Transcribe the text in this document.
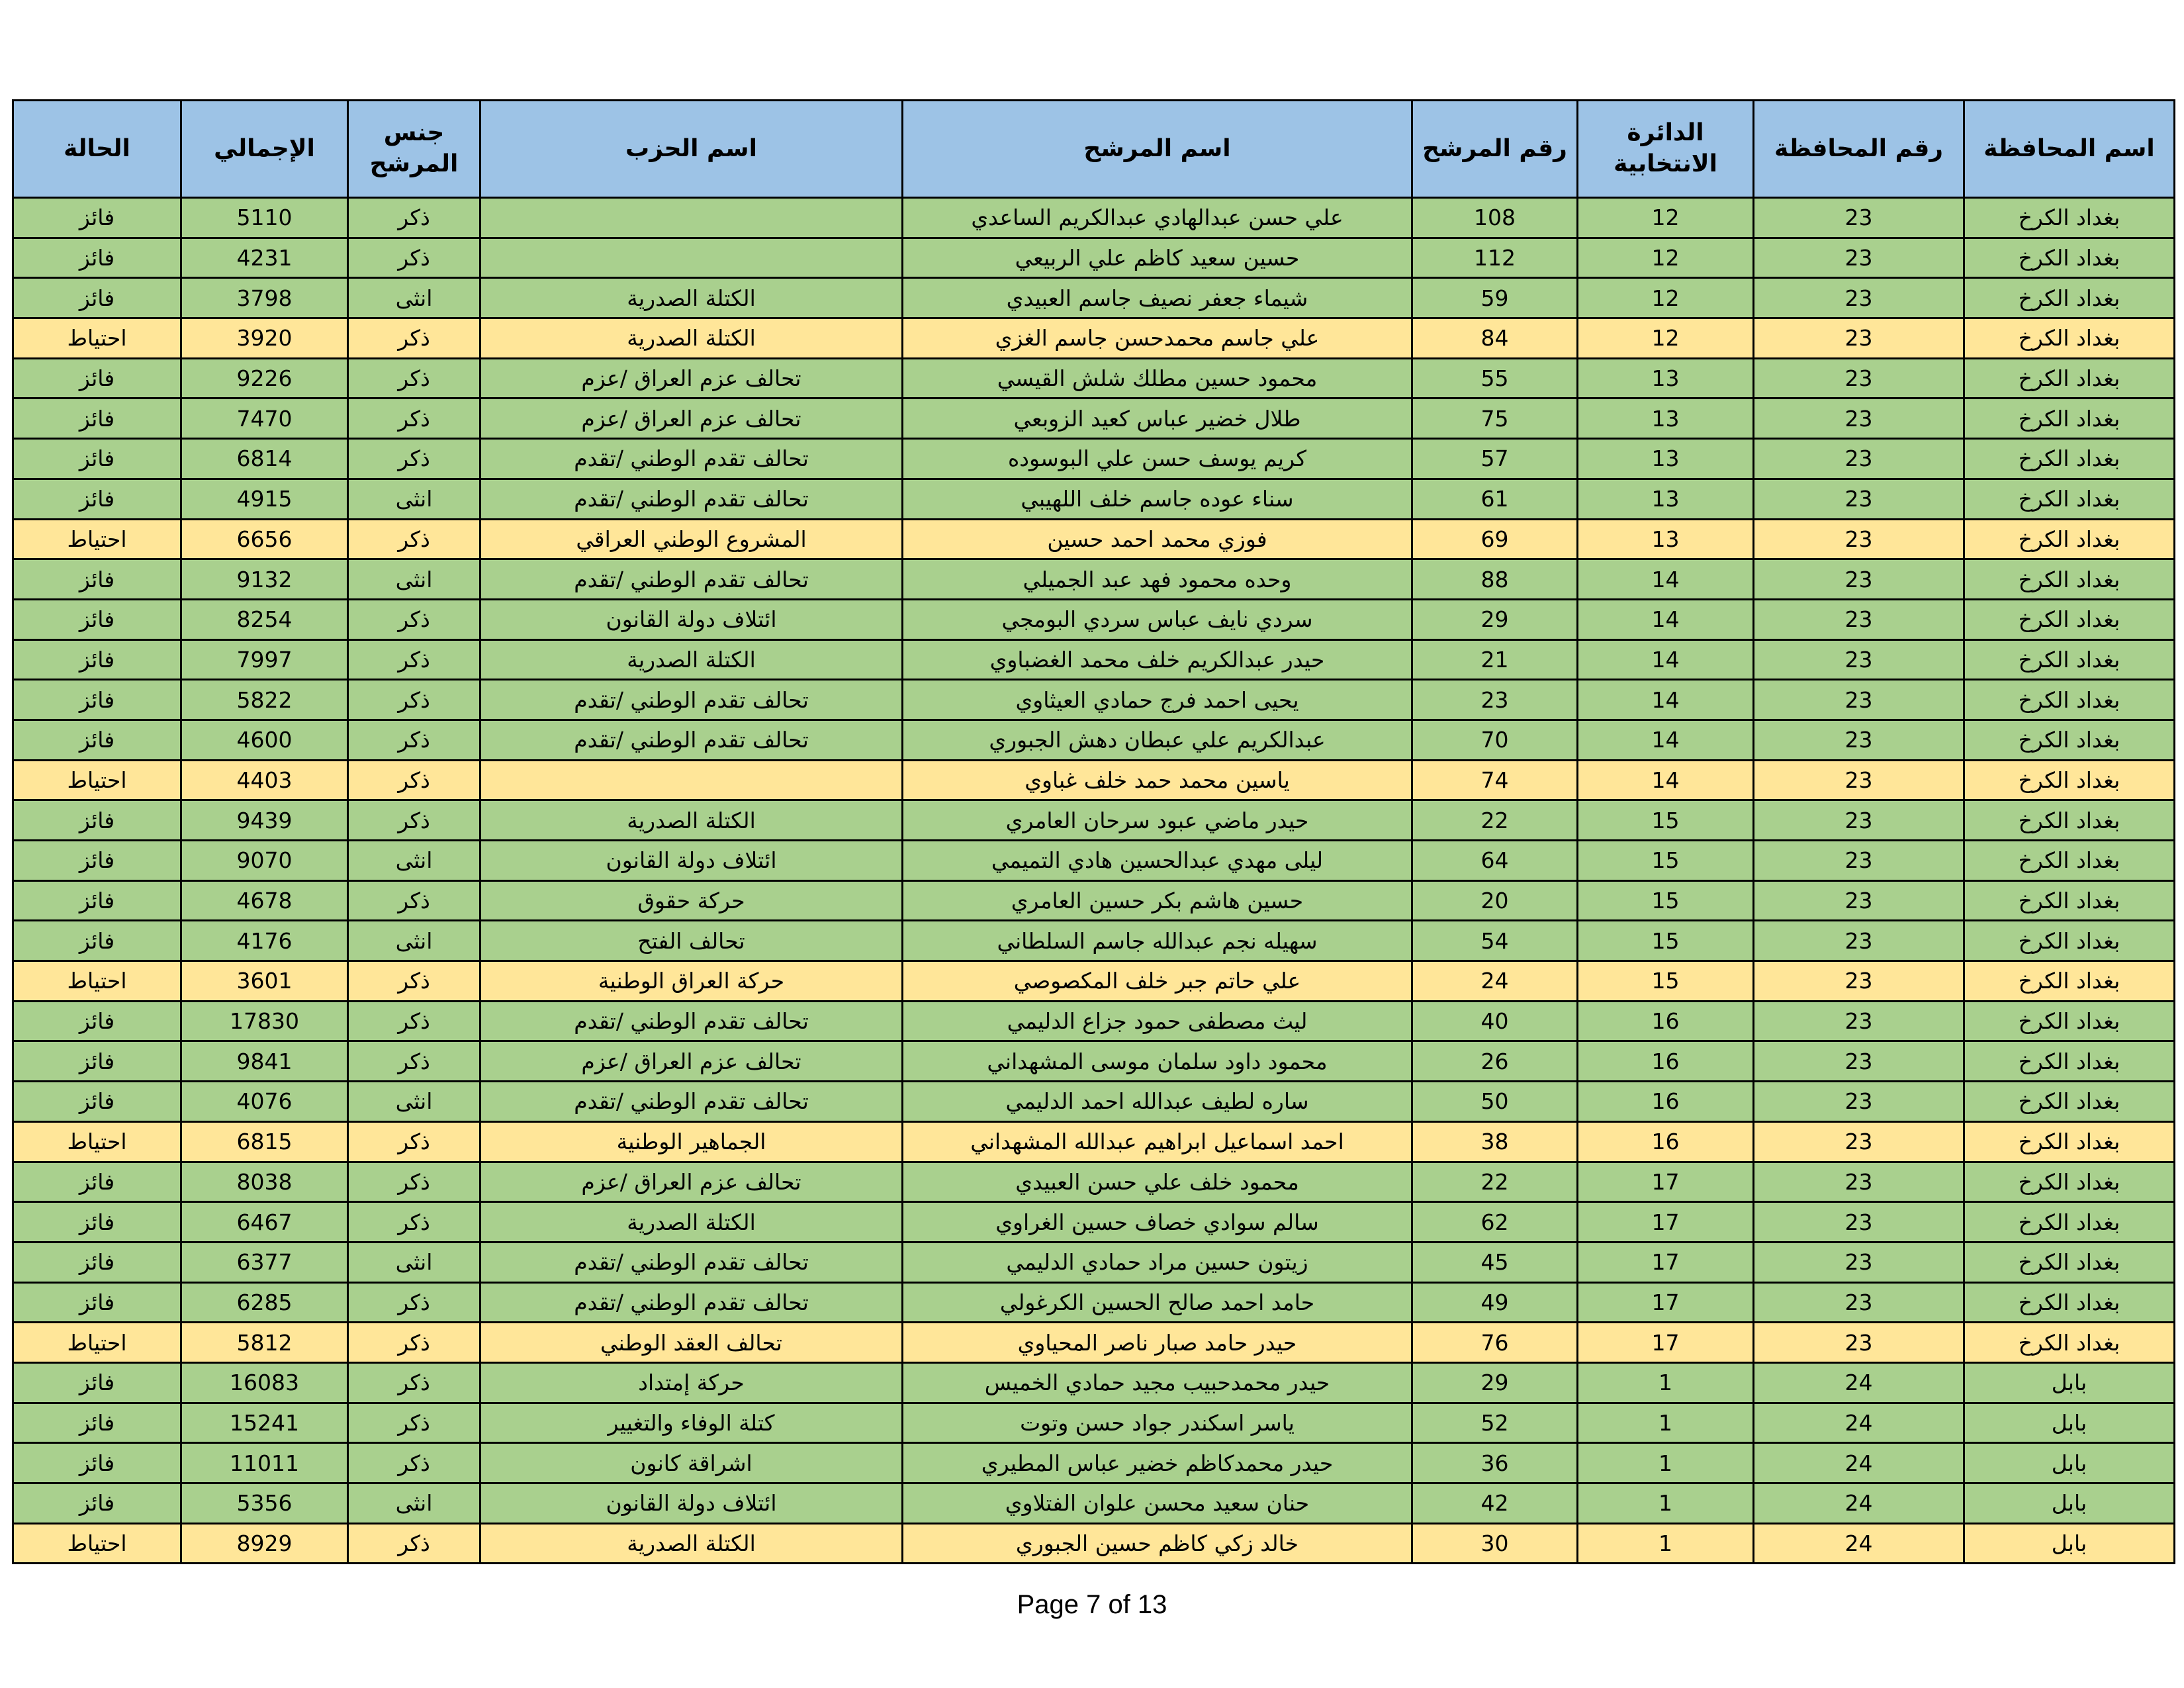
اسم المحافظة	رقم المحافظة	الدائرة الانتخابية	رقم المرشح	اسم المرشح	اسم الحزب	جنس المرشح	الإجمالي	الحالة
بغداد الكرخ	23	12	108	علي حسن عبدالهادي عبدالكريم الساعدي		ذكر	5110	فائز
بغداد الكرخ	23	12	112	حسين سعيد كاظم علي الربيعي		ذكر	4231	فائز
بغداد الكرخ	23	12	59	شيماء جعفر نصيف جاسم العبيدي	الكتلة الصدرية	انثى	3798	فائز
بغداد الكرخ	23	12	84	علي جاسم محمدحسن جاسم الغزي	الكتلة الصدرية	ذكر	3920	احتياط
بغداد الكرخ	23	13	55	محمود حسين مطلك شلش القيسي	تحالف عزم العراق /عزم	ذكر	9226	فائز
بغداد الكرخ	23	13	75	طلال خضير عباس كعيد الزوبعي	تحالف عزم العراق /عزم	ذكر	7470	فائز
بغداد الكرخ	23	13	57	كريم يوسف حسن علي البوسوده	تحالف تقدم الوطني /تقدم	ذكر	6814	فائز
بغداد الكرخ	23	13	61	سناء عوده جاسم خلف اللهيبي	تحالف تقدم الوطني /تقدم	انثى	4915	فائز
بغداد الكرخ	23	13	69	فوزي محمد احمد حسين	المشروع الوطني العراقي	ذكر	6656	احتياط
بغداد الكرخ	23	14	88	وحده محمود فهد عبد الجميلي	تحالف تقدم الوطني /تقدم	انثى	9132	فائز
بغداد الكرخ	23	14	29	سردي نايف عباس سردي البومجي	ائتلاف دولة القانون	ذكر	8254	فائز
بغداد الكرخ	23	14	21	حيدر عبدالكريم خلف محمد الغضباوي	الكتلة الصدرية	ذكر	7997	فائز
بغداد الكرخ	23	14	23	يحيى احمد فرج حمادي العيثاوي	تحالف تقدم الوطني /تقدم	ذكر	5822	فائز
بغداد الكرخ	23	14	70	عبدالكريم علي عبطان دهش الجبوري	تحالف تقدم الوطني /تقدم	ذكر	4600	فائز
بغداد الكرخ	23	14	74	ياسين محمد حمد خلف غباوي		ذكر	4403	احتياط
بغداد الكرخ	23	15	22	حيدر ماضي عبود سرحان العامري	الكتلة الصدرية	ذكر	9439	فائز
بغداد الكرخ	23	15	64	ليلى مهدي عبدالحسين هادي التميمي	ائتلاف دولة القانون	انثى	9070	فائز
بغداد الكرخ	23	15	20	حسين هاشم بكر حسين العامري	حركة حقوق	ذكر	4678	فائز
بغداد الكرخ	23	15	54	سهيله نجم عبدالله جاسم السلطاني	تحالف الفتح	انثى	4176	فائز
بغداد الكرخ	23	15	24	علي حاتم جبر خلف المكصوصي	حركة العراق الوطنية	ذكر	3601	احتياط
بغداد الكرخ	23	16	40	ليث مصطفى حمود جزاع الدليمي	تحالف تقدم الوطني /تقدم	ذكر	17830	فائز
بغداد الكرخ	23	16	26	محمود داود سلمان موسى المشهداني	تحالف عزم العراق /عزم	ذكر	9841	فائز
بغداد الكرخ	23	16	50	ساره لطيف عبدالله احمد الدليمي	تحالف تقدم الوطني /تقدم	انثى	4076	فائز
بغداد الكرخ	23	16	38	احمد اسماعيل ابراهيم عبدالله المشهداني	الجماهير الوطنية	ذكر	6815	احتياط
بغداد الكرخ	23	17	22	محمود خلف علي حسن العبيدي	تحالف عزم العراق /عزم	ذكر	8038	فائز
بغداد الكرخ	23	17	62	سالم سوادي خصاف حسين الغراوي	الكتلة الصدرية	ذكر	6467	فائز
بغداد الكرخ	23	17	45	زيتون حسين مراد حمادي الدليمي	تحالف تقدم الوطني /تقدم	انثى	6377	فائز
بغداد الكرخ	23	17	49	حامد احمد صالح الحسين الكرغولي	تحالف تقدم الوطني /تقدم	ذكر	6285	فائز
بغداد الكرخ	23	17	76	حيدر حامد صبار ناصر المحياوي	تحالف العقد الوطني	ذكر	5812	احتياط
بابل	24	1	29	حيدر محمدحبيب مجيد حمادي الخميس	حركة إمتداد	ذكر	16083	فائز
بابل	24	1	52	ياسر اسكندر جواد حسن وتوت	كتلة الوفاء والتغيير	ذكر	15241	فائز
بابل	24	1	36	حيدر محمدكاظم خضير عباس المطيري	اشراقة كانون	ذكر	11011	فائز
بابل	24	1	42	حنان سعيد محسن علوان الفتلاوي	ائتلاف دولة القانون	انثى	5356	فائز
بابل	24	1	30	خالد زكي كاظم حسين الجبوري	الكتلة الصدرية	ذكر	8929	احتياط
Page 7 of 13
